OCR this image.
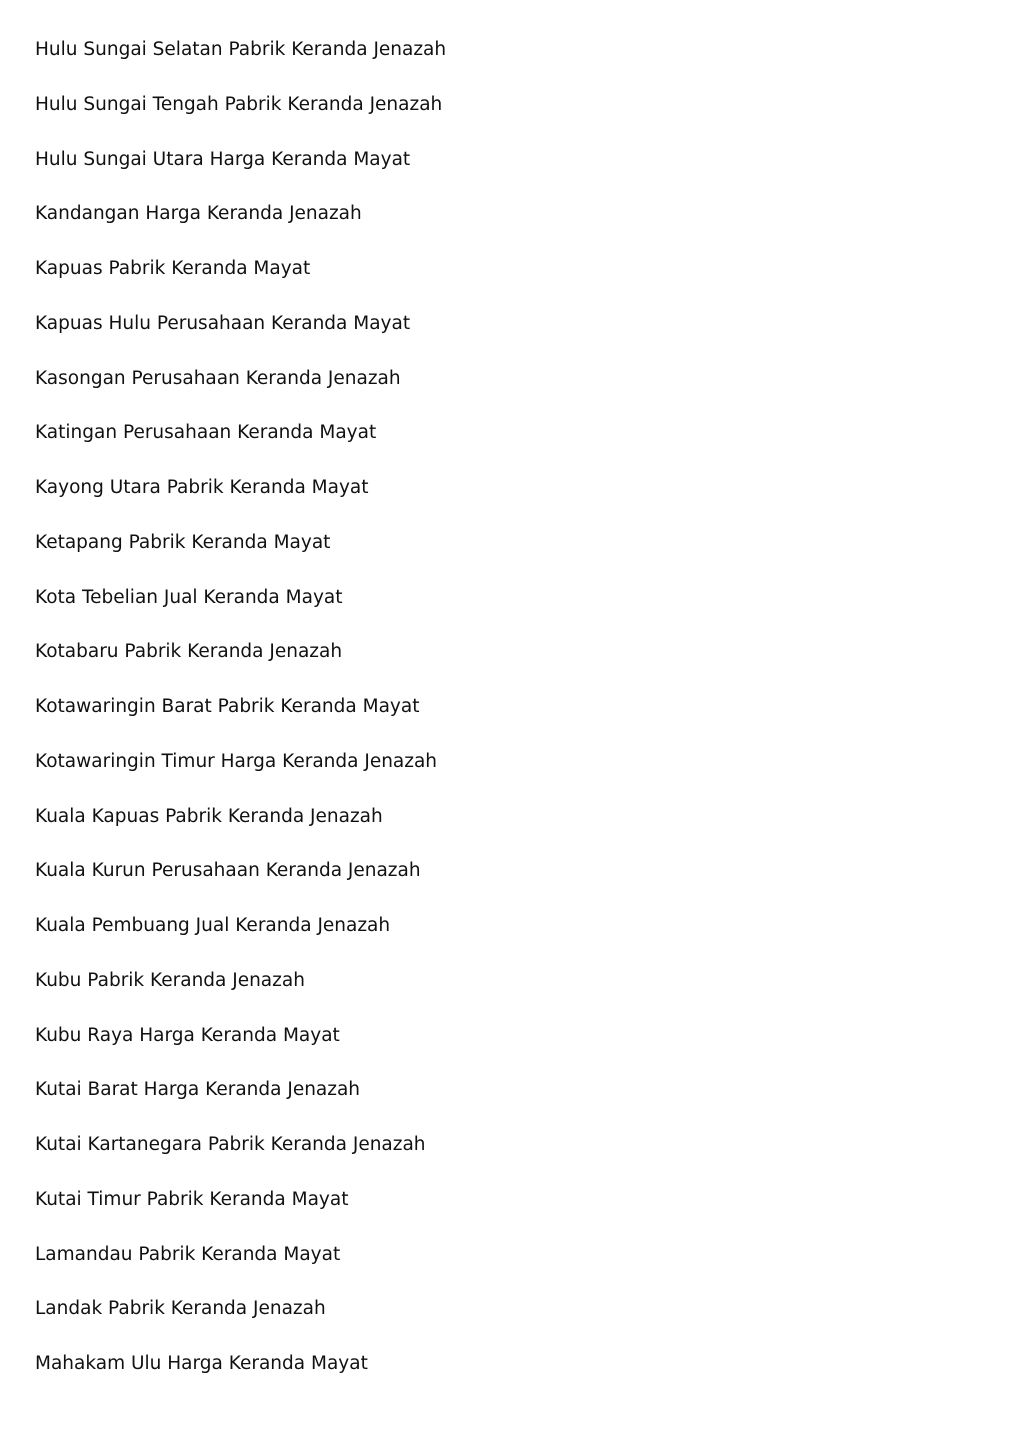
Hulu Sungai Selatan Pabrik Keranda Jenazah
Hulu Sungai Tengah Pabrik Keranda Jenazah
Hulu Sungai Utara Harga Keranda Mayat
Kandangan Harga Keranda Jenazah
Kapuas Pabrik Keranda Mayat
Kapuas Hulu Perusahaan Keranda Mayat
Kasongan Perusahaan Keranda Jenazah
Katingan Perusahaan Keranda Mayat
Kayong Utara Pabrik Keranda Mayat
Ketapang Pabrik Keranda Mayat
Kota Tebelian Jual Keranda Mayat
Kotabaru Pabrik Keranda Jenazah
Kotawaringin Barat Pabrik Keranda Mayat
Kotawaringin Timur Harga Keranda Jenazah
Kuala Kapuas Pabrik Keranda Jenazah
Kuala Kurun Perusahaan Keranda Jenazah
Kuala Pembuang Jual Keranda Jenazah
Kubu Pabrik Keranda Jenazah
Kubu Raya Harga Keranda Mayat
Kutai Barat Harga Keranda Jenazah
Kutai Kartanegara Pabrik Keranda Jenazah
Kutai Timur Pabrik Keranda Mayat
Lamandau Pabrik Keranda Mayat
Landak Pabrik Keranda Jenazah
Mahakam Ulu Harga Keranda Mayat
